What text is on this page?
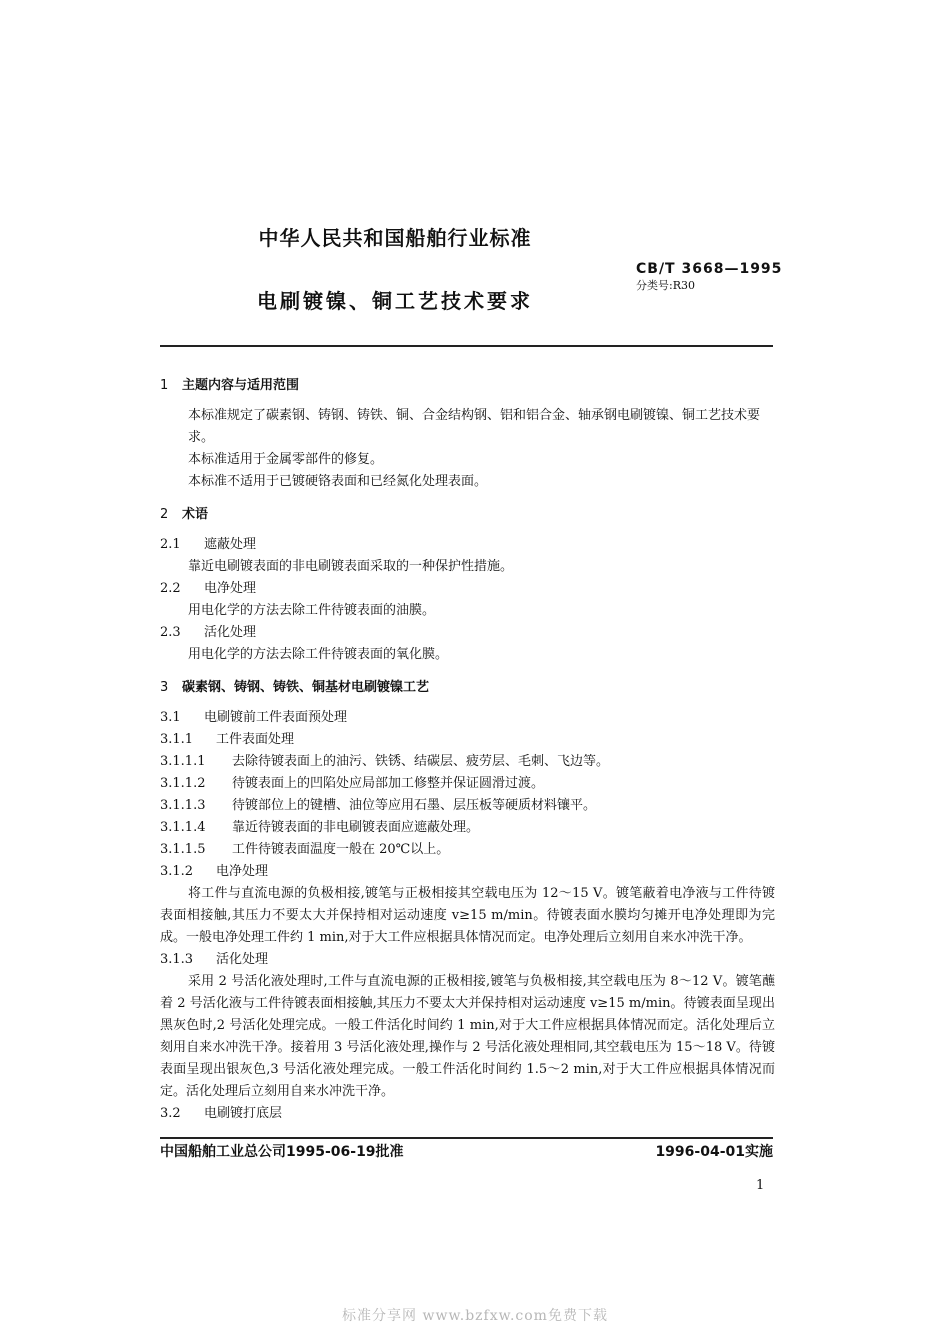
中华人民共和国船舶行业标准
CB/T 3668—1995
分类号:R30
电刷镀镍、铜工艺技术要求

1 主题内容与适用范围

本标准规定了碳素钢、铸钢、铸铁、铜、合金结构钢、铝和铝合金、轴承钢电刷镀镍、铜工艺技术要求。

本标准适用于金属零部件的修复。

本标准不适用于已镀硬铬表面和已经氮化处理表面。

2 术语

2.1 遮蔽处理

靠近电刷镀表面的非电刷镀表面采取的一种保护性措施。

2.2 电净处理

用电化学的方法去除工件待镀表面的油膜。

2.3 活化处理

用电化学的方法去除工件待镀表面的氧化膜。

3 碳素钢、铸钢、铸铁、铜基材电刷镀镍工艺

3.1 电刷镀前工件表面预处理

3.1.1 工件表面处理

3.1.1.1 去除待镀表面上的油污、铁锈、结碳层、疲劳层、毛刺、飞边等。

3.1.1.2 待镀表面上的凹陷处应局部加工修整并保证圆滑过渡。

3.1.1.3 待镀部位上的键槽、油位等应用石墨、层压板等硬质材料镶平。

3.1.1.4 靠近待镀表面的非电刷镀表面应遮蔽处理。

3.1.1.5 工件待镀表面温度一般在 20℃以上。

3.1.2 电净处理

将工件与直流电源的负极相接,镀笔与正极相接其空载电压为 12～15 V。镀笔蔽着电净液与工件待镀表面相接触,其压力不要太大并保持相对运动速度 v≥15 m/min。待镀表面水膜均匀摊开电净处理即为完成。一般电净处理工件约 1 min,对于大工件应根据具体情况而定。电净处理后立刻用自来水冲洗干净。

3.1.3 活化处理

采用 2 号活化液处理时,工件与直流电源的正极相接,镀笔与负极相接,其空载电压为 8～12 V。镀笔蘸着 2 号活化液与工件待镀表面相接触,其压力不要太大并保持相对运动速度 v≥15 m/min。待镀表面呈现出黑灰色时,2 号活化处理完成。一般工件活化时间约 1 min,对于大工件应根据具体情况而定。活化处理后立刻用自来水冲洗干净。接着用 3 号活化液处理,操作与 2 号活化液处理相同,其空载电压为 15～18 V。待镀表面呈现出银灰色,3 号活化液处理完成。一般工件活化时间约 1.5～2 min,对于大工件应根据具体情况而定。活化处理后立刻用自来水冲洗干净。

3.2 电刷镀打底层

中国船舶工业总公司1995-06-19批准	1996-04-01实施
1
标准分享网 www.bzfxw.com免费下载
